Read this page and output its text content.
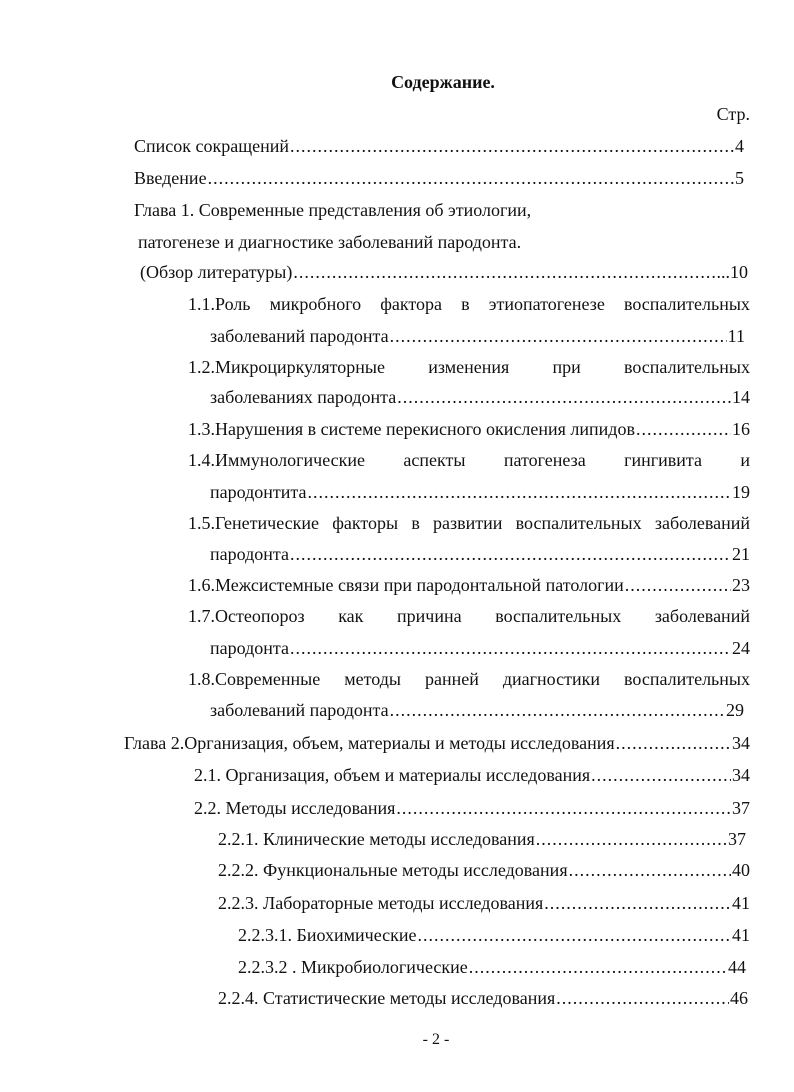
Содержание.
Стр.
Список сокращений .....	4
Введение .....	5
Глава 1. Современные представления об этиологии,
патогенезе и диагностике заболеваний пародонта.
(Обзор литературы) .....	...10
1.1.Роль микробного фактора в этиопатогенезе воспалительных
заболеваний пародонта .....	11
1.2.Микроциркуляторные изменения при воспалительных
заболеваниях пародонта .....	14
1.3.Нарушения в системе перекисного окисления липидов .....	16
1.4.Иммунологические аспекты патогенеза гингивита и
пародонтита .....	19
1.5.Генетические факторы в развитии воспалительных заболеваний
пародонта .....	21
1.6.Межсистемные связи при пародонтальной патологии .....	23
1.7.Остеопороз как причина воспалительных заболеваний
пародонта .....	24
1.8.Современные методы ранней диагностики воспалительных
заболеваний пародонта .....	29
Глава 2.Организация, объем, материалы и методы исследования .....	34
2.1. Организация, объем и материалы исследования .....	34
2.2. Методы исследования .....	37
2.2.1. Клинические методы исследования .....	37
2.2.2. Функциональные методы исследования .....	40
2.2.3. Лабораторные методы исследования .....	41
2.2.3.1. Биохимические .....	41
2.2.3.2 . Микробиологические .....	44
2.2.4. Статистические методы исследования .....	46
- 2 -
